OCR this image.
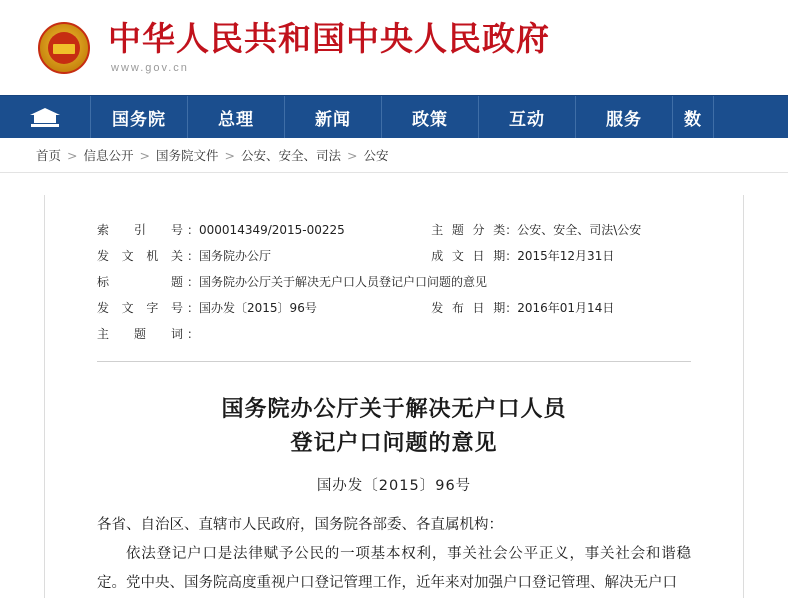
中华人民共和国中央人民政府
www.gov.cn
国务院	总理	新闻	政策	互动	服务	数
首页 > 信息公开 > 国务院文件 > 公安、安全、司法 > 公安
索引号	：	000014349/2015-00225	主题分类	：	公安、安全、司法\公安
发文机关	：	国务院办公厅	成文日期	：	2015年12月31日
标　　题	：	国务院办公厅关于解决无户口人员登记户口问题的意见			
发文字号	：	国办发〔2015〕96号	发布日期	：	2016年01月14日
主 题 词	：				
国务院办公厅关于解决无户口人员
登记户口问题的意见
国办发〔2015〕96号

各省、自治区、直辖市人民政府，国务院各部委、各直属机构：

依法登记户口是法律赋予公民的一项基本权利，事关社会公平正义，事关社会和谐稳定。党中央、国务院高度重视户口登记管理工作，近年来对加强户口登记管理、解决无户口
